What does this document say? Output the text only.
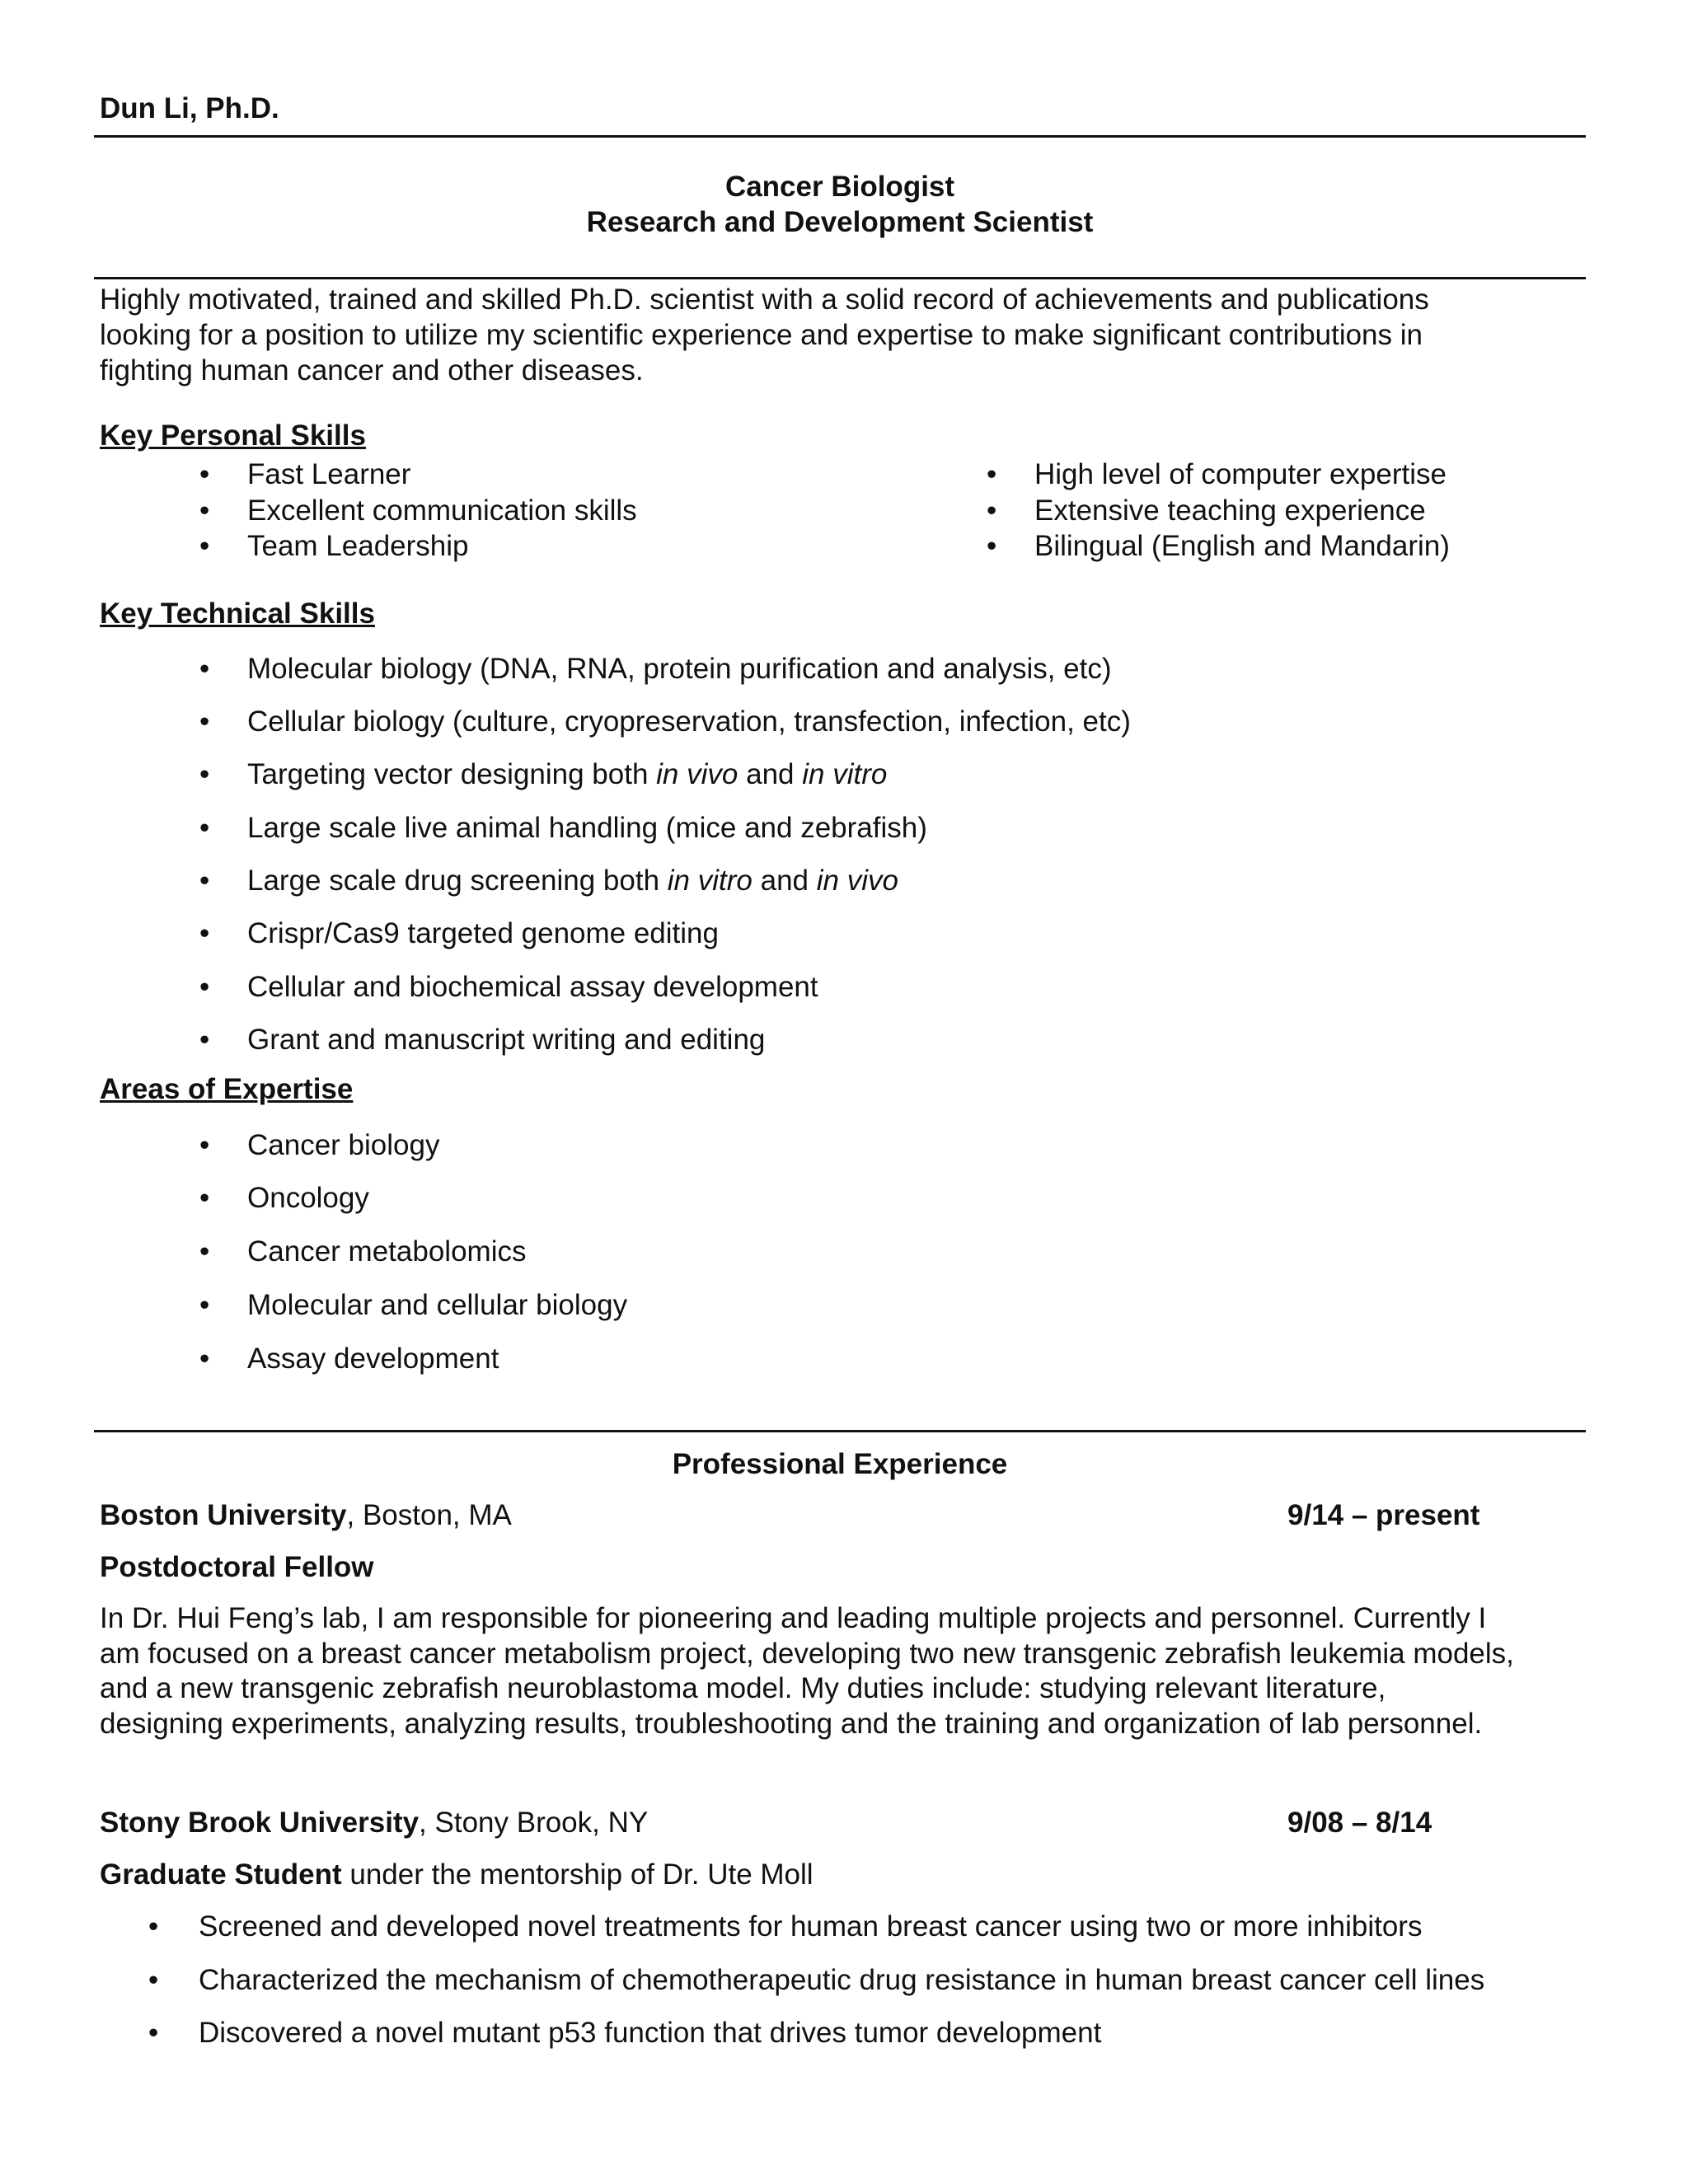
Dun Li, Ph.D.
Cancer Biologist
Research and Development Scientist
Highly motivated, trained and skilled Ph.D. scientist with a solid record of achievements and publications
looking for a position to utilize my scientific experience and expertise to make significant contributions in
fighting human cancer and other diseases.
Key Personal Skills
• Fast Learner
• Excellent communication skills
• Team Leadership
• High level of computer expertise
• Extensive teaching experience
• Bilingual (English and Mandarin)
Key Technical Skills
• Molecular biology (DNA, RNA, protein purification and analysis, etc)
• Cellular biology (culture, cryopreservation, transfection, infection, etc)
• Targeting vector designing both in vivo and in vitro
• Large scale live animal handling (mice and zebrafish)
• Large scale drug screening both in vitro and in vivo
• Crispr/Cas9 targeted genome editing
• Cellular and biochemical assay development
• Grant and manuscript writing and editing
Areas of Expertise
• Cancer biology
• Oncology
• Cancer metabolomics
• Molecular and cellular biology
• Assay development
Professional Experience
Boston University, Boston, MA	9/14 – present
Postdoctoral Fellow
In Dr. Hui Feng’s lab, I am responsible for pioneering and leading multiple projects and personnel. Currently I
am focused on a breast cancer metabolism project, developing two new transgenic zebrafish leukemia models,
and a new transgenic zebrafish neuroblastoma model. My duties include: studying relevant literature,
designing experiments, analyzing results, troubleshooting and the training and organization of lab personnel.
Stony Brook University, Stony Brook, NY	9/08 – 8/14
Graduate Student under the mentorship of Dr. Ute Moll
• Screened and developed novel treatments for human breast cancer using two or more inhibitors
• Characterized the mechanism of chemotherapeutic drug resistance in human breast cancer cell lines
• Discovered a novel mutant p53 function that drives tumor development
